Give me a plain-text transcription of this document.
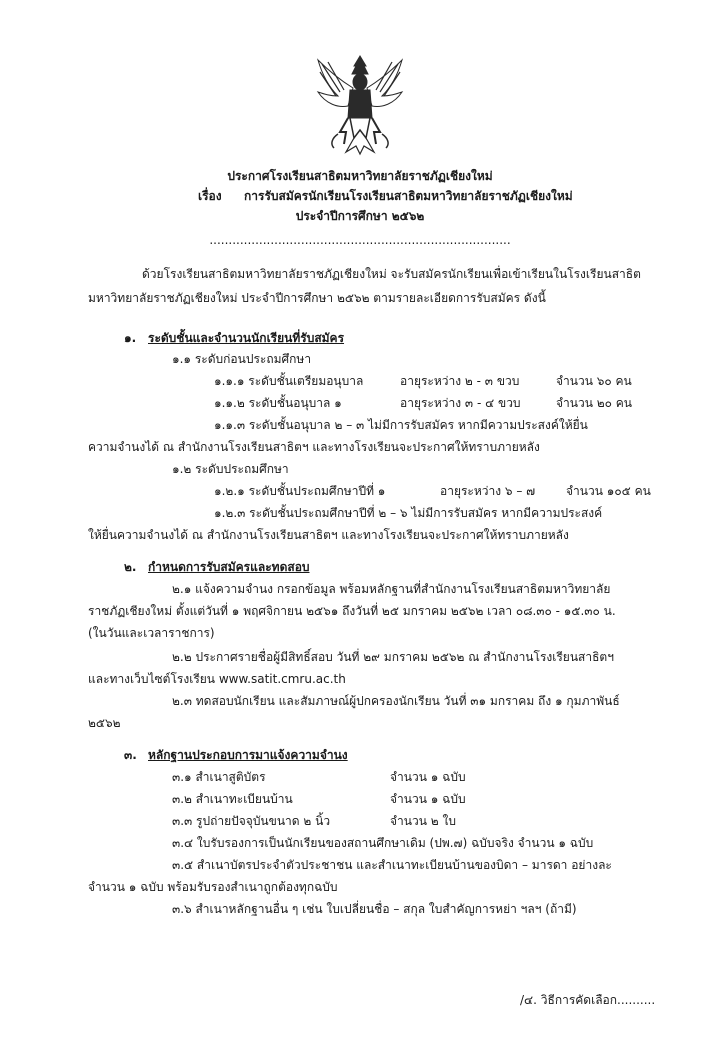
ประกาศโรงเรียนสาธิตมหาวิทยาลัยราชภัฏเชียงใหม่
เรื่อง การรับสมัครนักเรียนโรงเรียนสาธิตมหาวิทยาลัยราชภัฏเชียงใหม่
ประจำปีการศึกษา ๒๕๖๒
...............................................................................
ด้วยโรงเรียนสาธิตมหาวิทยาลัยราชภัฏเชียงใหม่ จะรับสมัครนักเรียนเพื่อเข้าเรียนในโรงเรียนสาธิต
มหาวิทยาลัยราชภัฏเชียงใหม่ ประจำปีการศึกษา ๒๕๖๒ ตามรายละเอียดการรับสมัคร ดังนี้
๑. ระดับชั้นและจำนวนนักเรียนที่รับสมัคร
๑.๑ ระดับก่อนประถมศึกษา
๑.๑.๑ ระดับชั้นเตรียมอนุบาล	อายุระหว่าง ๒ - ๓ ขวบ	จำนวน ๖๐ คน
๑.๑.๒ ระดับชั้นอนุบาล ๑	อายุระหว่าง ๓ - ๔ ขวบ	จำนวน ๒๐ คน
๑.๑.๓ ระดับชั้นอนุบาล ๒ – ๓ ไม่มีการรับสมัคร หากมีความประสงค์ให้ยื่น
ความจำนงได้ ณ สำนักงานโรงเรียนสาธิตฯ และทางโรงเรียนจะประกาศให้ทราบภายหลัง
๑.๒ ระดับประถมศึกษา
๑.๒.๑ ระดับชั้นประถมศึกษาปีที่ ๑	อายุระหว่าง ๖ – ๗	จำนวน ๑๐๕ คน
๑.๒.๓ ระดับชั้นประถมศึกษาปีที่ ๒ – ๖ ไม่มีการรับสมัคร หากมีความประสงค์
ให้ยื่นความจำนงได้ ณ สำนักงานโรงเรียนสาธิตฯ และทางโรงเรียนจะประกาศให้ทราบภายหลัง
๒. กำหนดการรับสมัครและทดสอบ
๒.๑ แจ้งความจำนง กรอกข้อมูล พร้อมหลักฐานที่สำนักงานโรงเรียนสาธิตมหาวิทยาลัย
ราชภัฏเชียงใหม่ ตั้งแต่วันที่ ๑ พฤศจิกายน ๒๕๖๑ ถึงวันที่ ๒๕ มกราคม ๒๕๖๒ เวลา ๐๘.๓๐ - ๑๕.๓๐ น.
(ในวันและเวลาราชการ)
๒.๒ ประกาศรายชื่อผู้มีสิทธิ์สอบ วันที่ ๒๙ มกราคม ๒๕๖๒ ณ สำนักงานโรงเรียนสาธิตฯ
และทางเว็บไซต์โรงเรียน www.satit.cmru.ac.th
๒.๓ ทดสอบนักเรียน และสัมภาษณ์ผู้ปกครองนักเรียน วันที่ ๓๑ มกราคม ถึง ๑ กุมภาพันธ์
๒๕๖๒
๓. หลักฐานประกอบการมาแจ้งความจำนง
๓.๑ สำเนาสูติบัตร	จำนวน ๑ ฉบับ
๓.๒ สำเนาทะเบียนบ้าน	จำนวน ๑ ฉบับ
๓.๓ รูปถ่ายปัจจุบันขนาด ๒ นิ้ว	จำนวน ๒ ใบ
๓.๔ ใบรับรองการเป็นนักเรียนของสถานศึกษาเดิม (ปพ.๗) ฉบับจริง จำนวน ๑ ฉบับ
๓.๕ สำเนาบัตรประจำตัวประชาชน และสำเนาทะเบียนบ้านของบิดา – มารดา อย่างละ
จำนวน ๑ ฉบับ พร้อมรับรองสำเนาถูกต้องทุกฉบับ
๓.๖ สำเนาหลักฐานอื่น ๆ เช่น ใบเปลี่ยนชื่อ – สกุล ใบสำคัญการหย่า ฯลฯ (ถ้ามี)
/๔. วิธีการคัดเลือก..........
